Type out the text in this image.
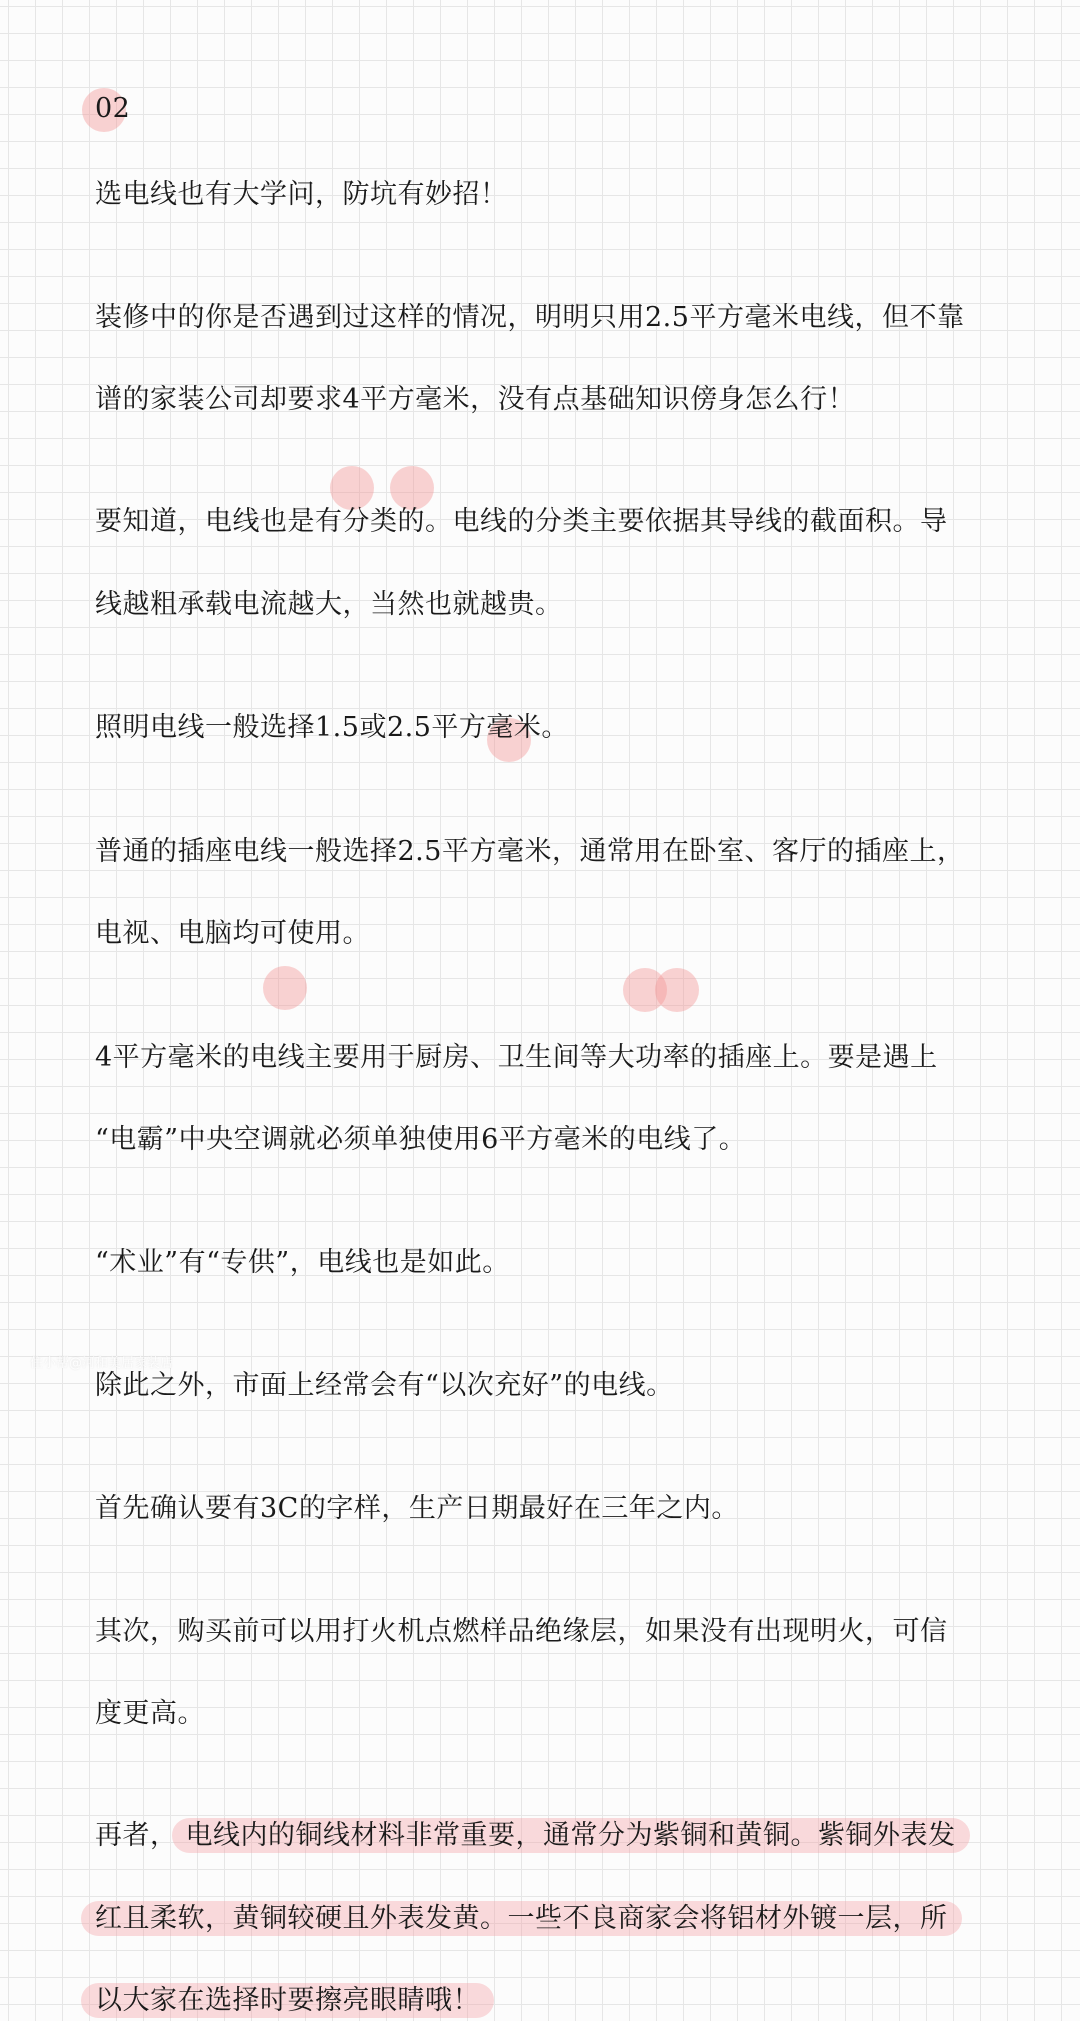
02
选电线也有大学问，防坑有妙招！
装修中的你是否遇到过这样的情况，明明只用2.5平方毫米电线，但不靠
谱的家装公司却要求4平方毫米，没有点基础知识傍身怎么行！
要知道，电线也是有分类的。电线的分类主要依据其导线的截面积。导
线越粗承载电流越大，当然也就越贵。
照明电线一般选择1.5或2.5平方毫米。
普通的插座电线一般选择2.5平方毫米，通常用在卧室、客厅的插座上，
电视、电脑均可使用。
4平方毫米的电线主要用于厨房、卫生间等大功率的插座上。要是遇上
“电霸”中央空调就必须单独使用6平方毫米的电线了。
“术业”有“专供”，电线也是如此。
除此之外，市面上经常会有“以次充好”的电线。
首先确认要有3C的字样，生产日期最好在三年之内。
其次，购买前可以用打火机点燃样品绝缘层，如果没有出现明火，可信
度更高。
再者， 电线内的铜线材料非常重要，通常分为紫铜和黄铜。紫铜外表发
红且柔软，黄铜较硬且外表发黄。一些不良商家会将铝材外镀一层，所
以大家在选择时要擦亮眼睛哦！
住小帮@河和美居家装店
